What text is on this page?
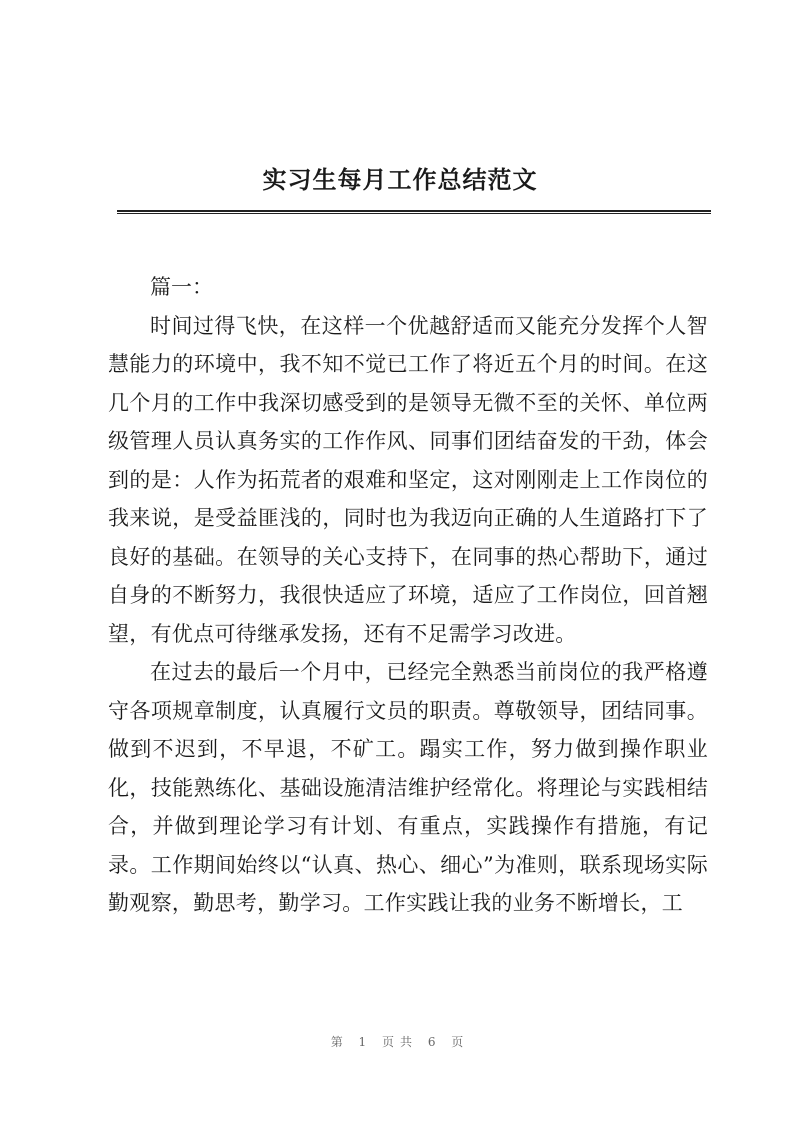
实习生每月工作总结范文

篇一：

时间过得飞快，在这样一个优越舒适而又能充分发挥个人智慧能力的环境中，我不知不觉已工作了将近五个月的时间。在这几个月的工作中我深切感受到的是领导无微不至的关怀、单位两级管理人员认真务实的工作作风、同事们团结奋发的干劲，体会到的是：人作为拓荒者的艰难和坚定，这对刚刚走上工作岗位的我来说，是受益匪浅的，同时也为我迈向正确的人生道路打下了良好的基础。在领导的关心支持下，在同事的热心帮助下，通过自身的不断努力，我很快适应了环境，适应了工作岗位，回首翘望，有优点可待继承发扬，还有不足需学习改进。

在过去的最后一个月中，已经完全熟悉当前岗位的我严格遵守各项规章制度，认真履行文员的职责。尊敬领导，团结同事。做到不迟到，不早退，不矿工。蹋实工作，努力做到操作职业化，技能熟练化、基础设施清洁维护经常化。将理论与实践相结合，并做到理论学习有计划、有重点，实践操作有措施，有记录。工作期间始终以“认真、热心、细心”为准则，联系现场实际勤观察，勤思考，勤学习。工作实践让我的业务不断增长，工

第 1 页共 6 页
